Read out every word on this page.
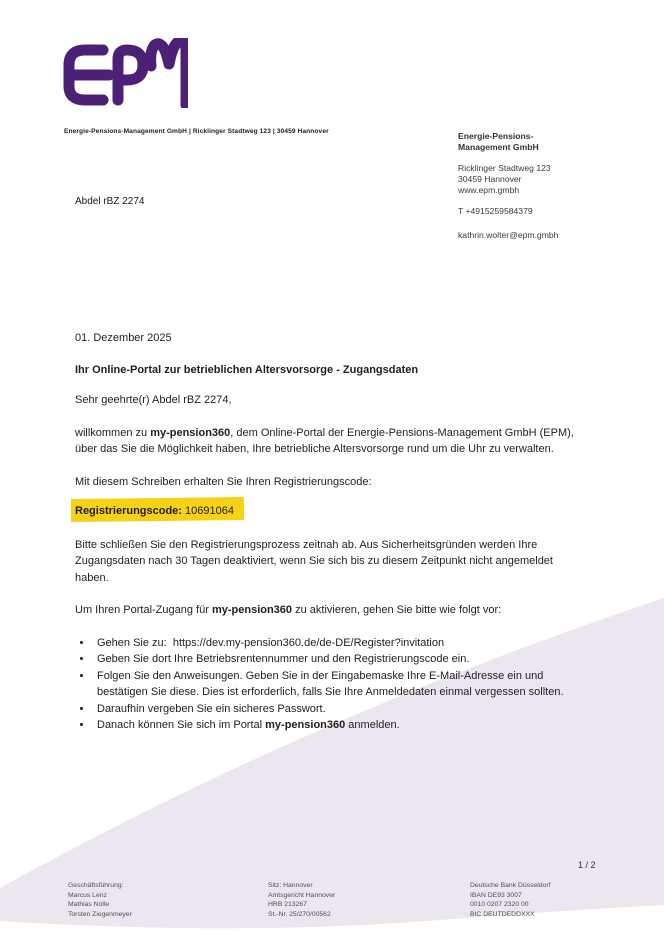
Energie-Pensions-Management GmbH | Ricklinger Stadtweg 123 | 30459 Hannover	Energie-Pensions-
Management GmbH
Ricklinger Stadtweg 123
30459 Hannover
www.epm.gmbh
T +4915259584379
kathrin.wolter@epm.gmbh
Abdel rBZ 2274

01. Dezember 2025

Ihr Online-Portal zur betrieblichen Altersvorsorge - Zugangsdaten

Sehr geehrte(r) Abdel rBZ 2274,

willkommen zu my-pension360, dem Online-Portal der Energie-Pensions-Management GmbH (EPM), über das Sie die Möglichkeit haben, Ihre betriebliche Altersvorsorge rund um die Uhr zu verwalten.

Mit diesem Schreiben erhalten Sie Ihren Registrierungscode:

Registrierungscode: 10691064

Bitte schließen Sie den Registrierungsprozess zeitnah ab. Aus Sicherheitsgründen werden Ihre Zugangsdaten nach 30 Tagen deaktiviert, wenn Sie sich bis zu diesem Zeitpunkt nicht angemeldet haben.

Um Ihren Portal-Zugang für my-pension360 zu aktivieren, gehen Sie bitte wie folgt vor:

• Gehen Sie zu:  https://dev.my-pension360.de/de-DE/Register?invitation
• Geben Sie dort Ihre Betriebsrentennummer und den Registrierungscode ein.
• Folgen Sie den Anweisungen. Geben Sie in der Eingabemaske Ihre E-Mail-Adresse ein und bestätigen Sie diese. Dies ist erforderlich, falls Sie Ihre Anmeldedaten einmal vergessen sollten.
• Daraufhin vergeben Sie ein sicheres Passwort.
• Danach können Sie sich im Portal my-pension360 anmelden.
1 / 2
Geschäftsführung:
Marcus Lenz
Mathias Nolle
Torsten Ziegenmeyer
Sitz: Hannover
Amtsgericht Hannover
HRB 213267
St.-Nr. 25/270/00562
Deutsche Bank Düsseldorf
IBAN DE93 3007
0010 0207 2320 00
BIC DEUTDEDDXXX
